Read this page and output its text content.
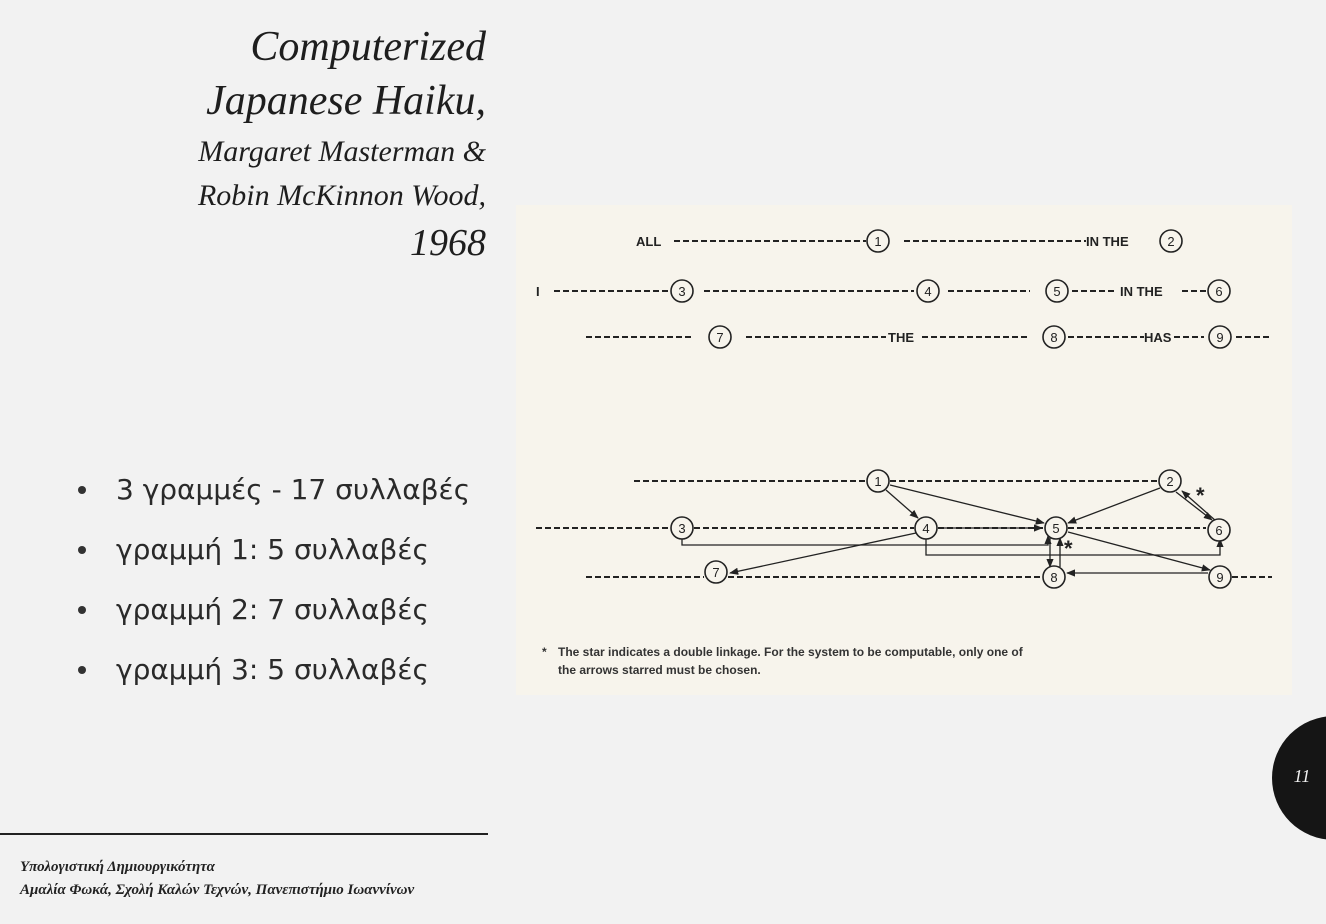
Computerized
Japanese Haiku,
Margaret Masterman &
Robin McKinnon Wood,
1968
3 γραμμές - 17 συλλαβές
γραμμή 1: 5 συλλαβές
γραμμή 2: 7 συλλαβές
γραμμή 3: 5 συλλαβές
ALL	IN THE
I	IN THE
THE	HAS
1	2
3	4	5	6
7	8	9
1	2
3	4	5	6
7	8	9
*
*
* The star indicates a double linkage. For the system to be computable, only one of
the arrows starred must be chosen.
11
Υπολογιστική Δημιουργικότητα
Αμαλία Φωκά, Σχολή Καλών Τεχνών, Πανεπιστήμιο Ιωαννίνων
